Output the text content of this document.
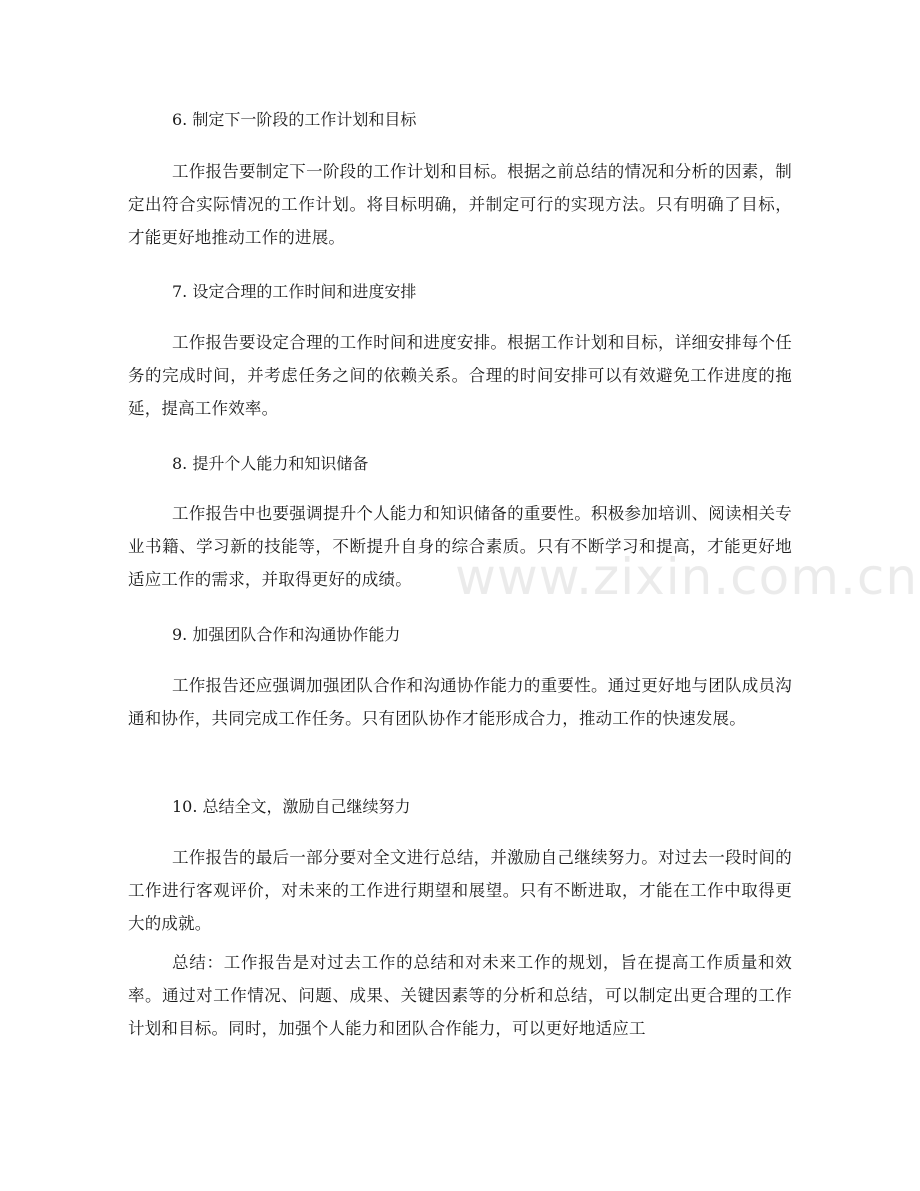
6. 制定下一阶段的工作计划和目标

工作报告要制定下一阶段的工作计划和目标。根据之前总结的情况和分析的因素，制定出符合实际情况的工作计划。将目标明确，并制定可行的实现方法。只有明确了目标，才能更好地推动工作的进展。

7. 设定合理的工作时间和进度安排

工作报告要设定合理的工作时间和进度安排。根据工作计划和目标，详细安排每个任务的完成时间，并考虑任务之间的依赖关系。合理的时间安排可以有效避免工作进度的拖延，提高工作效率。

8. 提升个人能力和知识储备

工作报告中也要强调提升个人能力和知识储备的重要性。积极参加培训、阅读相关专业书籍、学习新的技能等，不断提升自身的综合素质。只有不断学习和提高，才能更好地适应工作的需求，并取得更好的成绩。

9. 加强团队合作和沟通协作能力

工作报告还应强调加强团队合作和沟通协作能力的重要性。通过更好地与团队成员沟通和协作，共同完成工作任务。只有团队协作才能形成合力，推动工作的快速发展。

10. 总结全文，激励自己继续努力

工作报告的最后一部分要对全文进行总结，并激励自己继续努力。对过去一段时间的工作进行客观评价，对未来的工作进行期望和展望。只有不断进取，才能在工作中取得更大的成就。

总结：工作报告是对过去工作的总结和对未来工作的规划，旨在提高工作质量和效率。通过对工作情况、问题、成果、关键因素等的分析和总结，可以制定出更合理的工作计划和目标。同时，加强个人能力和团队合作能力，可以更好地适应工

www.zixin.com.cn
